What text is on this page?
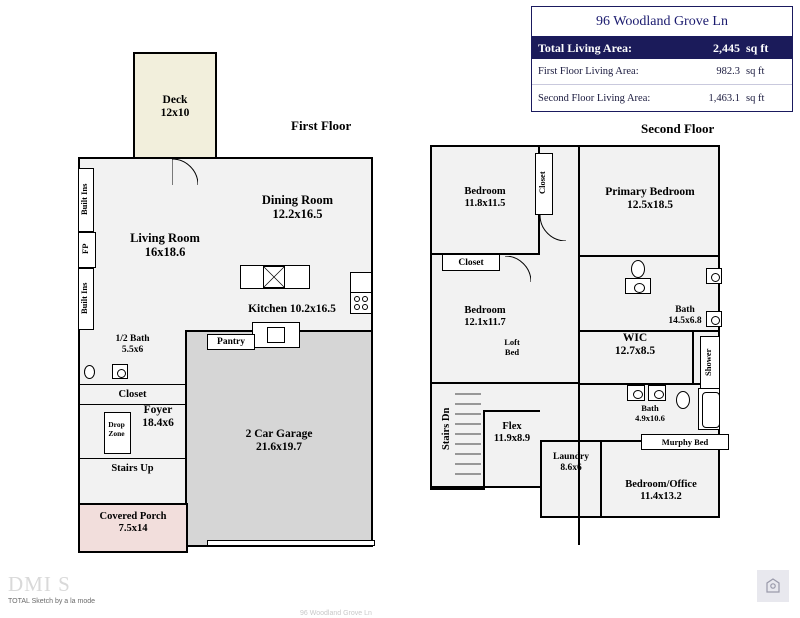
96 Woodland Grove Ln
Total Living Area:	2,445 sq ft
First Floor Living Area:	982.3 sq ft
Second Floor Living Area:	1,463.1 sq ft
First Floor	Second Floor
Deck
12x10
2 Car Garage
21.6x19.7
Covered Porch
7.5x14
Living Room
16x18.6
Dining Room
12.2x16.5
Kitchen 10.2x16.5
Pantry
Built Ins
FP
Built Ins
1/2 Bath
5.5x6
Closet
Foyer
18.4x6
Drop
Zone
Stairs Up
Bedroom
11.8x11.5
Closet
Closet
Bedroom
12.1x11.7
Loft
Bed
Primary Bedroom
12.5x18.5
Bath
14.5x6.8
WIC
12.7x8.5	Shower
Bath
4.9x10.6
Murphy Bed
Stairs Dn	Flex
11.9x8.9
Laundry
8.6x6
Bedroom/Office
11.4x13.2
DMI S
TOTAL Sketch by a la mode
96 Woodland Grove Ln
